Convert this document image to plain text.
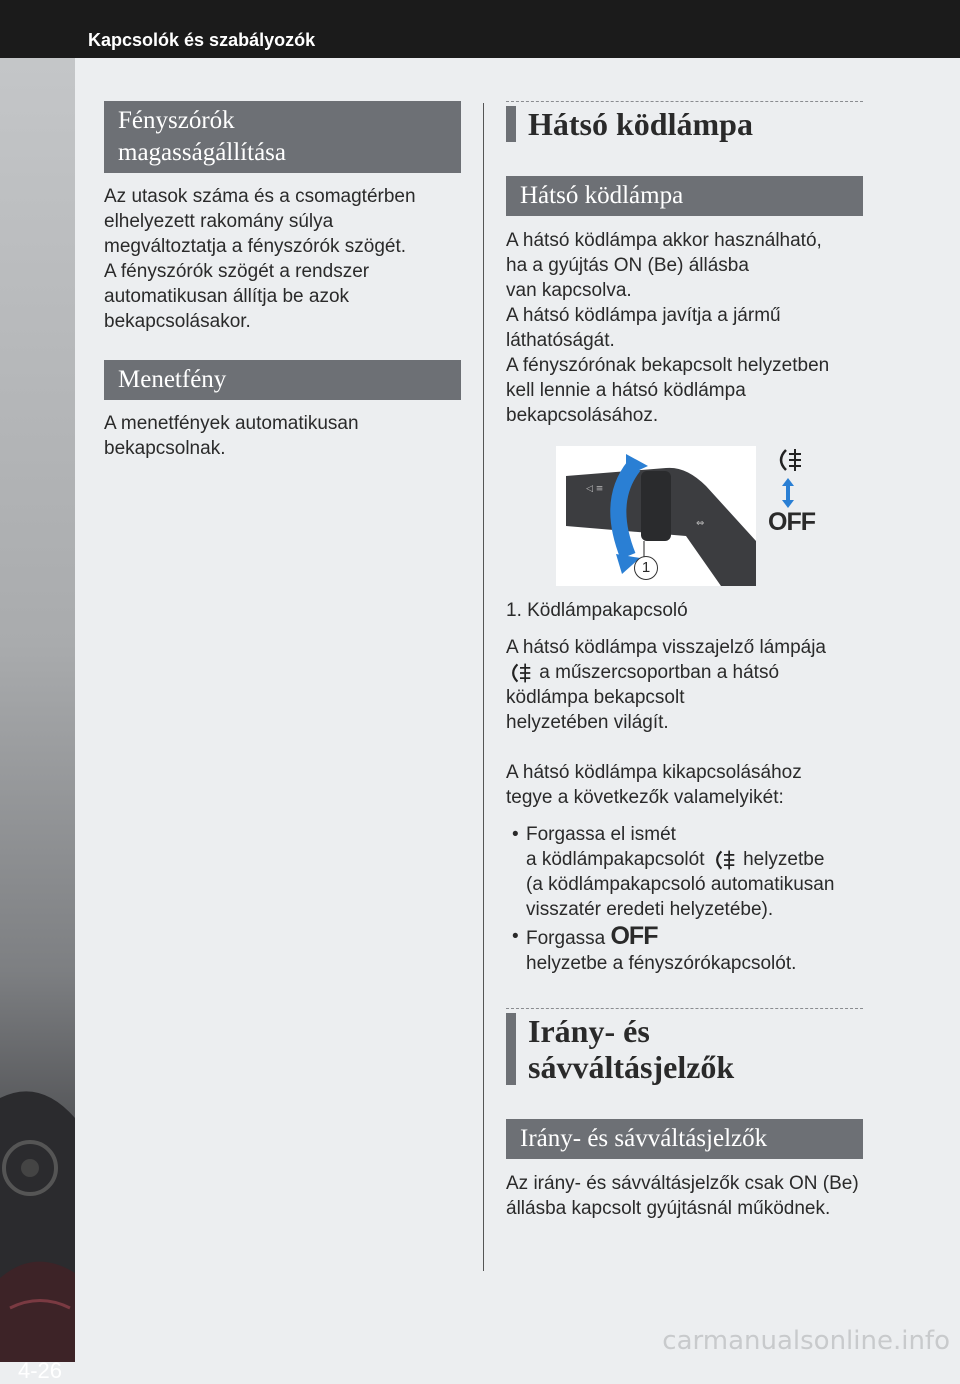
Kapcsolók és szabályozók
4-26
Fényszórók
magasságállítása

Az utasok száma és a csomagtérben

elhelyezett rakomány súlya

megváltoztatja a fényszórók szögét.

A fényszórók szögét a rendszer

automatikusan állítja be azok

bekapcsolásakor.

Menetfény

A menetfények automatikusan

bekapcsolnak.

Hátsó ködlámpa
Hátsó ködlámpa

A hátsó ködlámpa akkor használható,

ha a gyújtás ON (Be) állásba

van kapcsolva.

A hátsó ködlámpa javítja a jármű

láthatóságát.

A fényszórónak bekapcsolt helyzetben

kell lennie a hátsó ködlámpa

bekapcsolásához.

◁ ≡
⇔
1
OFF

1. Ködlámpakapcsoló

A hátsó ködlámpa visszajelző lámpája

a műszercsoportban a hátsó

ködlámpa bekapcsolt

helyzetében világít.

A hátsó ködlámpa kikapcsolásához

tegye a következők valamelyikét:

• Forgassa el ismét
a ködlámpakapcsolót helyzetbe
(a ködlámpakapcsoló automatikusan
visszatér eredeti helyzetébe).
• Forgassa OFF
helyzetbe a fényszórókapcsolót.
Irány- és
sávváltásjelzők
Irány- és sávváltásjelzők

Az irány- és sávváltásjelzők csak ON (Be)

állásba kapcsolt gyújtásnál működnek.

carmanualsonline.info
